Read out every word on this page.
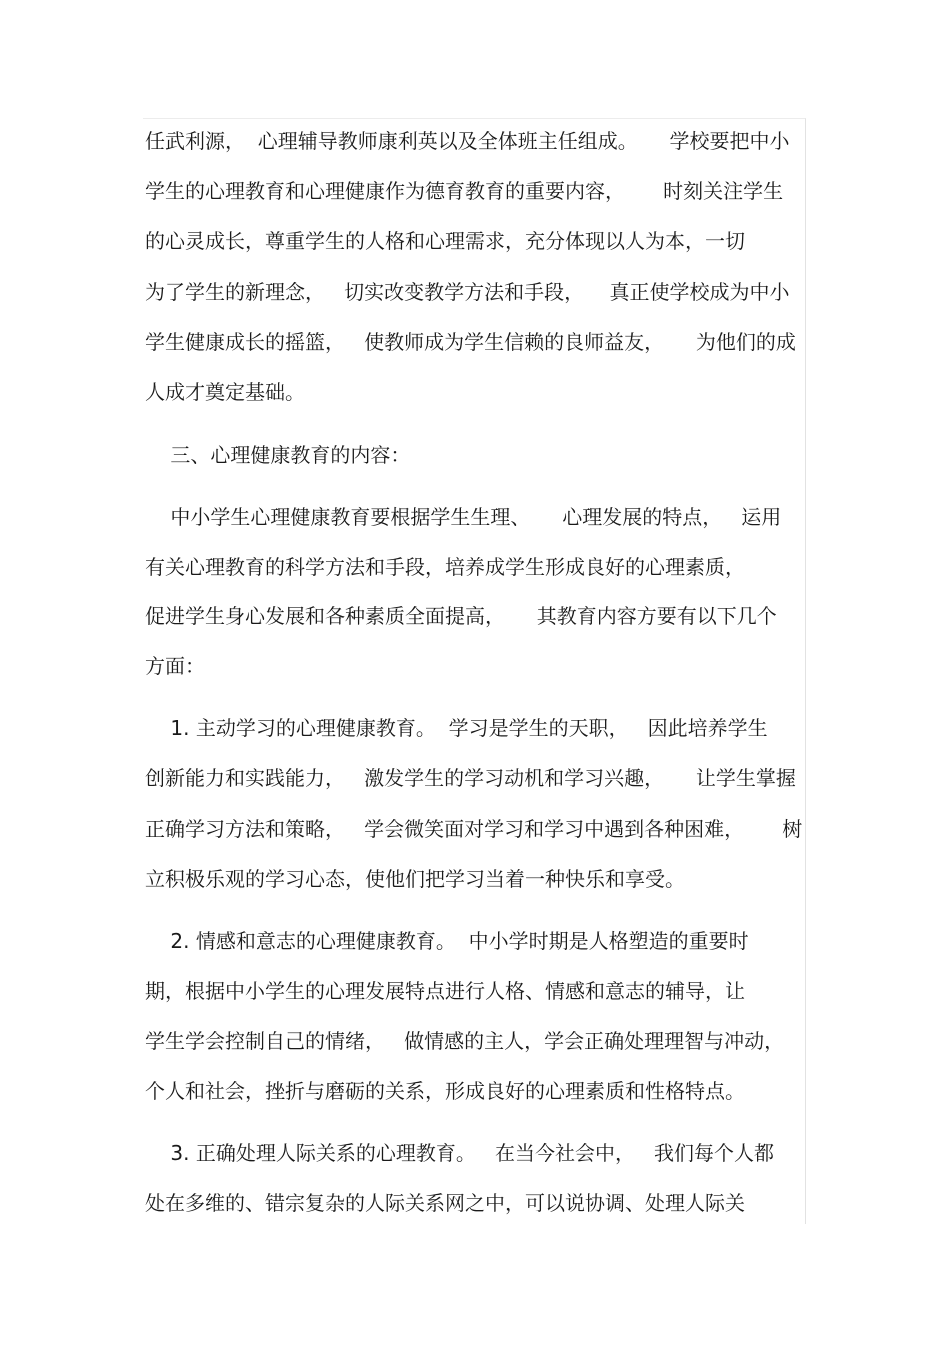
任武利源，  心理辅导教师康利英以及全体班主任组成。     学校要把中小
学生的心理教育和心理健康作为德育教育的重要内容，      时刻关注学生
的心灵成长，尊重学生的人格和心理需求，充分体现以人为本，一切
为了学生的新理念，   切实改变教学方法和手段，    真正使学校成为中小
学生健康成长的摇篮，   使教师成为学生信赖的良师益友，     为他们的成
人成才奠定基础。
三、心理健康教育的内容：
中小学生心理健康教育要根据学生生理、     心理发展的特点，   运用
有关心理教育的科学方法和手段，培养成学生形成良好的心理素质，
促进学生身心发展和各种素质全面提高，     其教育内容方要有以下几个
方面：
1. 主动学习的心理健康教育。  学习是学生的天职，   因此培养学生
创新能力和实践能力，   激发学生的学习动机和学习兴趣，     让学生掌握
正确学习方法和策略，   学会微笑面对学习和学习中遇到各种困难，      树
立积极乐观的学习心态，使他们把学习当着一种快乐和享受。
2. 情感和意志的心理健康教育。  中小学时期是人格塑造的重要时
期，根据中小学生的心理发展特点进行人格、情感和意志的辅导，让
学生学会控制自己的情绪，   做情感的主人，学会正确处理理智与冲动，
个人和社会，挫折与磨砺的关系，形成良好的心理素质和性格特点。
3. 正确处理人际关系的心理教育。   在当今社会中，   我们每个人都
处在多维的、错宗复杂的人际关系网之中，可以说协调、处理人际关
